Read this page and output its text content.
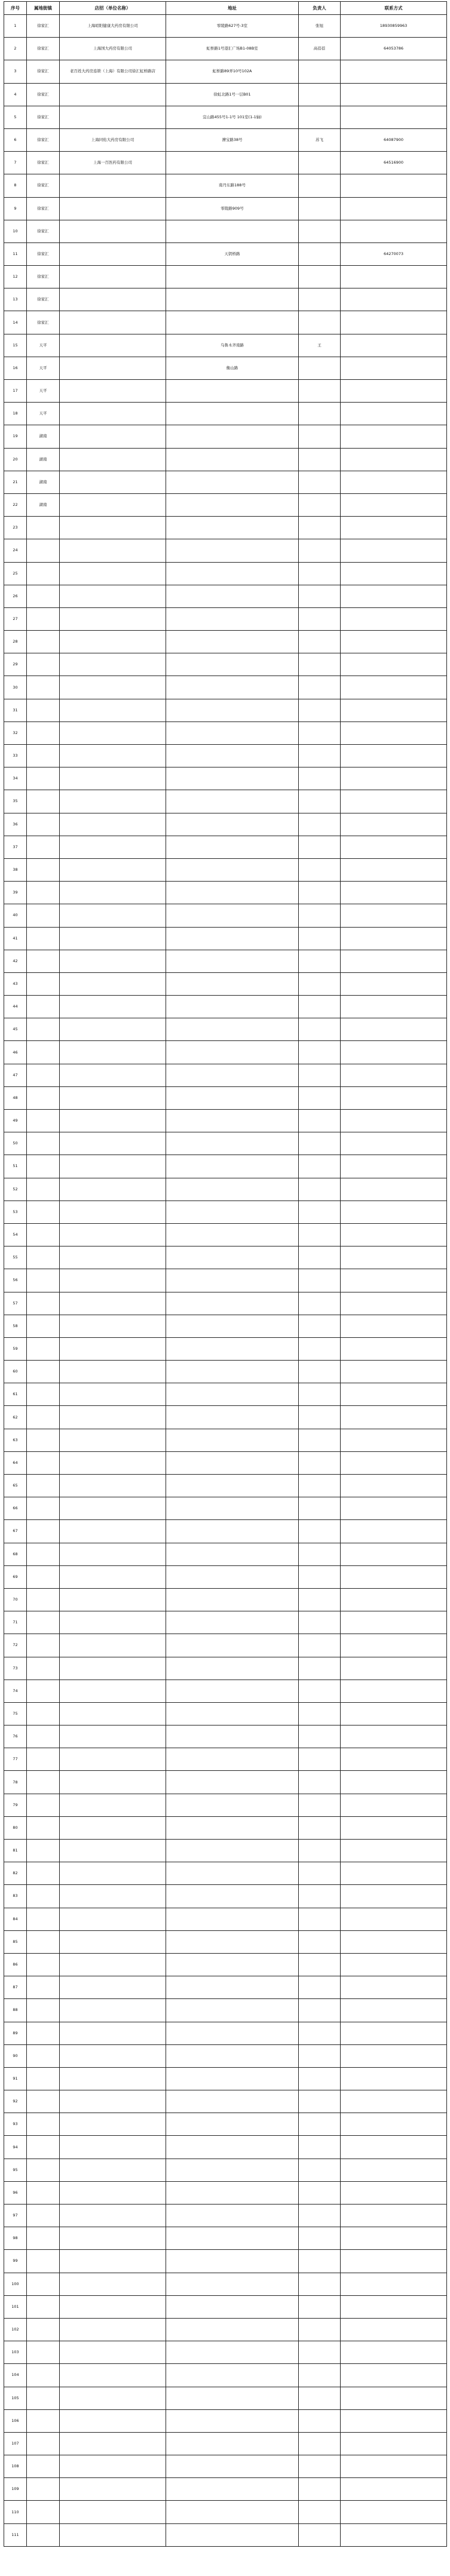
序号	属地街镇	店招（单位名称）	地址	负责人	联系方式
1	徐家汇	上海昭阳健康大药房有限公司	零陵路627号-3室	张旭	18930859963
2	徐家汇	上海国大药房有限公司	虹桥路1号港汇广场B1-08B室	高蓓蓓	64053786
3	徐家汇	老百姓大药房连锁（上海）有限公司徐汇虹桥路店	虹桥路89弄10号102A		
4	徐家汇		徐虹北路1号一层B01		
5	徐家汇		宜山路455号1-1号 101室(1-1轴)		
6	徐家汇	上海同佑大药房有限公司	漕宝路38号	苏飞	64087900
7	徐家汇	上海一百医药有限公司			64516900
8	徐家汇		南丹东路188号		
9	徐家汇		零陵路909号		
10	徐家汇				
11	徐家汇		天钥桥路		64270073
12	徐家汇				
13	徐家汇				
14	徐家汇				
15	天平		乌鲁木齐南路	王	
16	天平		衡山路		
17	天平				
18	天平				
19	湖南				
20	湖南				
21	湖南				
22	湖南				
23					
24					
25					
26					
27					
28					
29					
30					
31					
32					
33					
34					
35					
36					
37					
38					
39					
40					
41					
42					
43					
44					
45					
46					
47					
48					
49					
50					
51					
52					
53					
54					
55					
56					
57					
58					
59					
60					
61					
62					
63					
64					
65					
66					
67					
68					
69					
70					
71					
72					
73					
74					
75					
76					
77					
78					
79					
80					
81					
82					
83					
84					
85					
86					
87					
88					
89					
90					
91					
92					
93					
94					
95					
96					
97					
98					
99					
100					
101					
102					
103					
104					
105					
106					
107					
108					
109					
110					
111					
